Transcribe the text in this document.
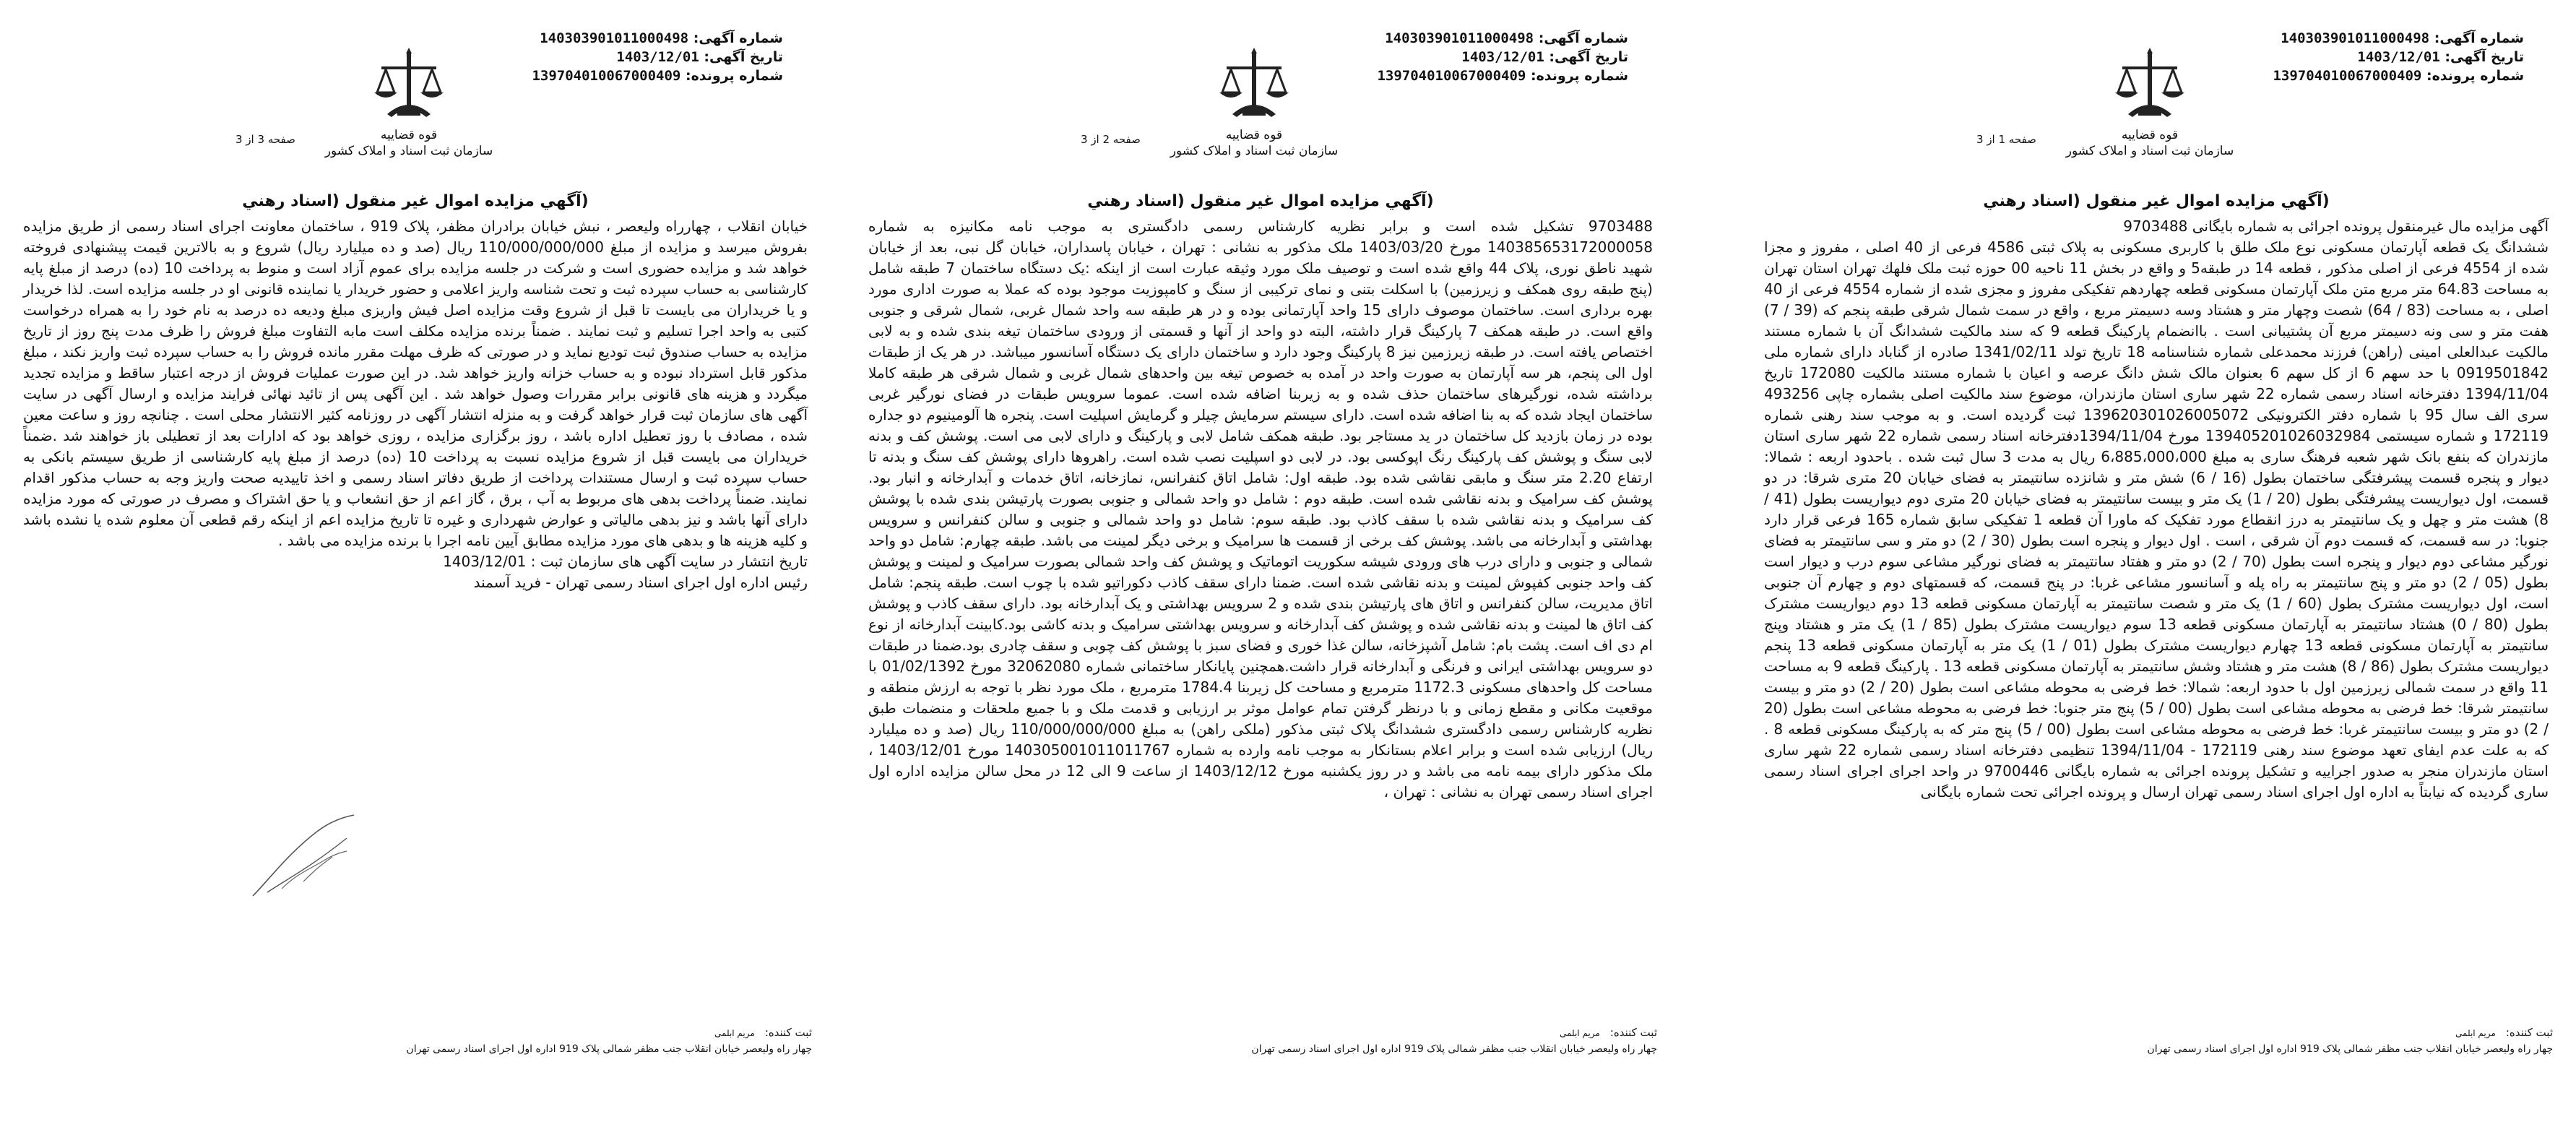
شماره آگهی: 140303901011000498
تاریخ آگهی: 1403/12/01
شماره پرونده: 139704010067000409
قوه قضاییه
سازمان ثبت اسناد و املاک کشور
صفحه 1 از 3
(آگهي مزايده اموال غير منقول (اسناد رهني
آگهی مزایده مال غیرمنقول پرونده اجرائی به شماره بایگانی 9703488
ششدانگ یک قطعه آپارتمان مسکونی نوع ملک طلق با کاربری مسکونی به پلاک ثبتی 4586 فرعی از 40 اصلی ، مفروز و مجزا شده از 4554 فرعی از اصلی مذکور ، قطعه 14 در طبقه5 و واقع در بخش 11 ناحیه 00 حوزه ثبت ملک فلهك تهران استان تهران به مساحت 64.83 متر مربع متن ملک آپارتمان مسکونی قطعه چهاردهم تفکیکی مفروز و مجزی شده از شماره 4554 فرعی از 40 اصلی ، به مساحت (83 / 64) شصت وچهار متر و هشتاد وسه دسیمتر مربع ، واقع در سمت شمال شرقی طبقه پنجم که (39 / 7) هفت متر و سی ونه دسیمتر مربع آن پشتیبانی است . باانضمام پارکینگ قطعه 9 که سند مالکیت ششدانگ آن با شماره مستند مالکیت عبدالعلی امینی (راهن) فرزند محمدعلی شماره شناسنامه 18 تاریخ تولد 1341/02/11 صادره از گناباد دارای شماره ملی 0919501842 با حد سهم 6 از کل سهم 6 بعنوان مالک شش دانگ عرصه و اعیان با شماره مستند مالکیت 172080 تاریخ 1394/11/04 دفترخانه اسناد رسمی شماره 22 شهر ساری استان مازندران، موضوع سند مالکیت اصلی بشماره چاپی 493256 سری الف سال 95 با شماره دفتر الکترونیکی 139620301026005072 ثبت گردیده است. و به موجب سند رهنی شماره 172119 و شماره سیستمی 139405201026032984 مورخ 1394/11/04دفترخانه اسناد رسمی شماره 22 شهر ساری استان مازندران که بنفع بانک شهر شعبه فرهنگ ساری به مبلغ 6،885،000،000 ریال به مدت 3 سال ثبت شده . باحدود اربعه : شمالا: دیوار و پنجره قسمت پیشرفتگی ساختمان بطول (16 / 6) شش متر و شانزده سانتیمتر به فضای خیابان 20 متری شرقا: در دو قسمت، اول دیواریست پیشرفتگی بطول (20 / 1) یک متر و بیست سانتیمتر به فضای خیابان 20 متری دوم دیواریست بطول (41 / 8) هشت متر و چهل و یک سانتیمتر به درز انقطاع مورد تفکیک که ماورا آن قطعه 1 تفکیکی سابق شماره 165 فرعی قرار دارد جنوبا: در سه قسمت، که قسمت دوم آن شرقی ، است . اول دیوار و پنجره است بطول (30 / 2) دو متر و سی سانتیمتر به فضای نورگیر مشاعی دوم دیوار و پنجره است بطول (70 / 2) دو متر و هفتاد سانتیمتر به فضای نورگیر مشاعی سوم درب و دیوار است بطول (05 / 2) دو متر و پنج سانتیمتر به راه پله و آسانسور مشاعی غربا: در پنج قسمت، که قسمتهای دوم و چهارم آن جنوبی است، اول دیواریست مشترک بطول (60 / 1) یک متر و شصت سانتیمتر به آپارتمان مسکونی قطعه 13 دوم دیواریست مشترک بطول (80 / 0) هشتاد سانتیمتر به آپارتمان مسکونی قطعه 13 سوم دیواریست مشترک بطول (85 / 1) یک متر و هشتاد وپنج سانتیمتر به آپارتمان مسکونی قطعه 13 چهارم دیواریست مشترک بطول (01 / 1) یک متر به آپارتمان مسکونی قطعه 13 پنجم دیواریست مشترک بطول (86 / 8) هشت متر و هشتاد وشش سانتیمتر به آپارتمان مسکونی قطعه 13 . پارکینگ قطعه 9 به مساحت 11 واقع در سمت شمالی زیرزمین اول با حدود اربعه: شمالا: خط فرضی به محوطه مشاعی است بطول (20 / 2) دو متر و بیست سانتیمتر شرقا: خط فرضی به محوطه مشاعی است بطول (00 / 5) پنج متر جنوبا: خط فرضی به محوطه مشاعی است بطول (20 / 2) دو متر و بیست سانتیمتر غربا: خط فرضی به محوطه مشاعی است بطول (00 / 5) پنج متر که به پارکینگ مسکونی قطعه 8 . که به علت عدم ایفای تعهد موضوع سند رهنی 172119 - 1394/11/04 تنظیمی دفترخانه اسناد رسمی شماره 22 شهر ساری استان مازندران منجر به صدور اجراییه و تشکیل پرونده اجرائی به شماره بایگانی 9700446 در واحد اجرای اجرای اسناد رسمی ساری گردیده که نیابتاً به اداره اول اجرای اسناد رسمی تهران ارسال و پرونده اجرائی تحت شماره بایگانی
ثبت کننده:مریم ابلمی
چهار راه وليعصر خيابان انقلاب جنب مظفر شمالی پلاک 919 اداره اول اجرای اسناد رسمی تهران
شماره آگهی: 140303901011000498
تاریخ آگهی: 1403/12/01
شماره پرونده: 139704010067000409
قوه قضاییه
سازمان ثبت اسناد و املاک کشور
صفحه 2 از 3
(آگهي مزايده اموال غير منقول (اسناد رهني
9703488 تشکیل شده است و برابر نظریه کارشناس رسمی دادگستری به موجب نامه مکانیزه به شماره 140385653172000058 مورخ 1403/03/20 ملک مذکور به نشانی : تهران ، خیابان پاسداران، خیابان گل نبی، بعد از خیابان شهید ناطق نوری، پلاک 44 واقع شده است و توصیف ملک مورد وثیقه عبارت است از اینکه :یک دستگاه ساختمان 7 طبقه شامل (پنج طبقه روی همکف و زیرزمین) با اسکلت بتنی و نمای ترکیبی از سنگ و کامپوزیت موجود بوده که عملا به صورت اداری مورد بهره برداری است. ساختمان موصوف دارای 15 واحد آپارتمانی بوده و در هر طبقه سه واحد شمال غربی، شمال شرقی و جنوبی واقع است. در طبقه همکف 7 پارکینگ قرار داشته، البته دو واحد از آنها و قسمتی از ورودی ساختمان تیغه بندی شده و به لابی اختصاص یافته است. در طبقه زیرزمین نیز 8 پارکینگ وجود دارد و ساختمان دارای یک دستگاه آسانسور میباشد. در هر یک از طبقات اول الی پنجم، هر سه آپارتمان به صورت واحد در آمده به خصوص تیغه بین واحدهای شمال غربی و شمال شرقی هر طبقه کاملا برداشته شده، نورگیرهای ساختمان حذف شده و به زیربنا اضافه شده است. عموما سرویس طبقات در فضای نورگیر غربی ساختمان ایجاد شده که به بنا اضافه شده است. دارای سیستم سرمایش چیلر و گرمایش اسپلیت است. پنجره ها آلومینیوم دو جداره بوده در زمان بازدید کل ساختمان در ید مستاجر بود. طبقه همکف شامل لابی و پارکینگ و دارای لابی می است. پوشش کف و بدنه لابی سنگ و پوشش کف پارکینگ رنگ اپوکسی بود. در لابی دو اسپلیت نصب شده است. راهروها دارای پوشش کف سنگ و بدنه تا ارتفاع 2.20 متر سنگ و مابقی نقاشی شده بود. طبقه اول: شامل اتاق کنفرانس، نمازخانه، اتاق خدمات و آبدارخانه و انبار بود. پوشش کف سرامیک و بدنه نقاشی شده است. طبقه دوم : شامل دو واحد شمالی و جنوبی بصورت پارتیشن بندی شده با پوشش کف سرامیک و بدنه نقاشی شده با سقف کاذب بود. طبقه سوم: شامل دو واحد شمالی و جنوبی و سالن کنفرانس و سرویس بهداشتی و آبدارخانه می باشد. پوشش کف برخی از قسمت ها سرامیک و برخی دیگر لمینت می باشد. طبقه چهارم: شامل دو واحد شمالی و جنوبی و دارای درب های ورودی شیشه سکوریت اتوماتیک و پوشش کف واحد شمالی بصورت سرامیک و لمینت و پوشش کف واحد جنوبی کفپوش لمینت و بدنه نقاشی شده است. ضمنا دارای سقف کاذب دکوراتیو شده با چوب است. طبقه پنجم: شامل اتاق مدیریت، سالن کنفرانس و اتاق های پارتیشن بندی شده و 2 سرویس بهداشتی و یک آبدارخانه بود. دارای سقف کاذب و پوشش کف اتاق ها لمینت و بدنه نقاشی شده و پوشش کف آبدارخانه و سرویس بهداشتی سرامیک و بدنه کاشی بود.کابینت آبدارخانه از نوع ام دی اف است. پشت بام: شامل آشپزخانه، سالن غذا خوری و فضای سبز با پوشش کف چوبی و سقف چادری بود.ضمنا در طبقات دو سرویس بهداشتی ایرانی و فرنگی و آبدارخانه قرار داشت.همچنین پایانکار ساختمانی شماره 32062080 مورخ 01/02/1392 با مساحت کل واحدهای مسکونی 1172.3 مترمربع و مساحت کل زیربنا 1784.4 مترمربع ، ملک مورد نظر با توجه به ارزش منطقه و موقعیت مکانی و مقطع زمانی و با درنظر گرفتن تمام عوامل موثر بر ارزیابی و قدمت ملک و با جمیع ملحقات و منضمات طبق نظریه کارشناس رسمی دادگستری ششدانگ پلاک ثبتی مذکور (ملکی راهن) به مبلغ 110/000/000/000 ریال (صد و ده میلیارد ریال) ارزیابی شده است و برابر اعلام بستانکار به موجب نامه وارده به شماره 140305001011011767 مورخ 1403/12/01 ، ملک مذکور دارای بیمه نامه می باشد و در روز یکشنبه مورخ 1403/12/12 از ساعت 9 الی 12 در محل سالن مزایده اداره اول اجرای اسناد رسمی تهران به نشانی : تهران ،
ثبت کننده:مریم ابلمی
چهار راه وليعصر خيابان انقلاب جنب مظفر شمالی پلاک 919 اداره اول اجرای اسناد رسمی تهران
شماره آگهی: 140303901011000498
تاریخ آگهی: 1403/12/01
شماره پرونده: 139704010067000409
قوه قضاییه
سازمان ثبت اسناد و املاک کشور
صفحه 3 از 3
(آگهي مزايده اموال غير منقول (اسناد رهني
خیابان انقلاب ، چهارراه ولیعصر ، نبش خیابان برادران مظفر، پلاک 919 ، ساختمان معاونت اجرای اسناد رسمی از طریق مزایده بفروش میرسد و مزایده از مبلغ 110/000/000/000 ریال (صد و ده میلیارد ریال) شروع و به بالاترین قیمت پیشنهادی فروخته خواهد شد و مزایده حضوری است و شرکت در جلسه مزایده برای عموم آزاد است و منوط به پرداخت 10 (ده) درصد از مبلغ پایه کارشناسی به حساب سپرده ثبت و تحت شناسه واریز اعلامی و حضور خریدار یا نماینده قانونی او در جلسه مزایده است. لذا خریدار و یا خریداران می بایست تا قبل از شروع وقت مزایده اصل فیش واریزی مبلغ ودیعه ده درصد به نام خود را به همراه درخواست کتبی به واحد اجرا تسلیم و ثبت نمایند . ضمناً برنده مزایده مکلف است مابه التفاوت مبلغ فروش را ظرف مدت پنج روز از تاریخ مزایده به حساب صندوق ثبت تودیع نماید و در صورتی که ظرف مهلت مقرر مانده فروش را به حساب سپرده ثبت واریز نکند ، مبلغ مذکور قابل استرداد نبوده و به حساب خزانه واریز خواهد شد. در این صورت عملیات فروش از درجه اعتبار ساقط و مزایده تجدید میگردد و هزینه های قانونی برابر مقررات وصول خواهد شد . این آگهی پس از تائید نهائی فرایند مزایده و ارسال آگهی در سایت آگهی های سازمان ثبت قرار خواهد گرفت و به منزله انتشار آگهی در روزنامه کثیر الانتشار محلی است . چنانچه روز و ساعت معین شده ، مصادف با روز تعطیل اداره باشد ، روز برگزاری مزایده ، روزی خواهد بود که ادارات بعد از تعطیلی باز خواهند شد .ضمناً خریداران می بایست قبل از شروع مزایده نسبت به پرداخت 10 (ده) درصد از مبلغ پایه کارشناسی از طریق سیستم بانکی به حساب سپرده ثبت و ارسال مستندات پرداخت از طریق دفاتر اسناد رسمی و اخذ تاییدیه صحت واریز وجه به حساب مذکور اقدام نمایند. ضمناً پرداخت بدهی های مربوط به آب ، برق ، گاز اعم از حق انشعاب و یا حق اشتراک و مصرف در صورتی که مورد مزایده دارای آنها باشد و نیز بدهی مالیاتی و عوارض شهرداری و غیره تا تاریخ مزایده اعم از اینکه رقم قطعی آن معلوم شده یا نشده باشد و کلیه هزینه ها و بدهی های مورد مزایده مطابق آیین نامه اجرا با برنده مزایده می باشد .
تاریخ انتشار در سایت آگهی های سازمان ثبت : 1403/12/01
رئیس اداره اول اجرای اسناد رسمی تهران - فرید آسمند
ثبت کننده:مریم ابلمی
چهار راه وليعصر خيابان انقلاب جنب مظفر شمالی پلاک 919 اداره اول اجرای اسناد رسمی تهران
